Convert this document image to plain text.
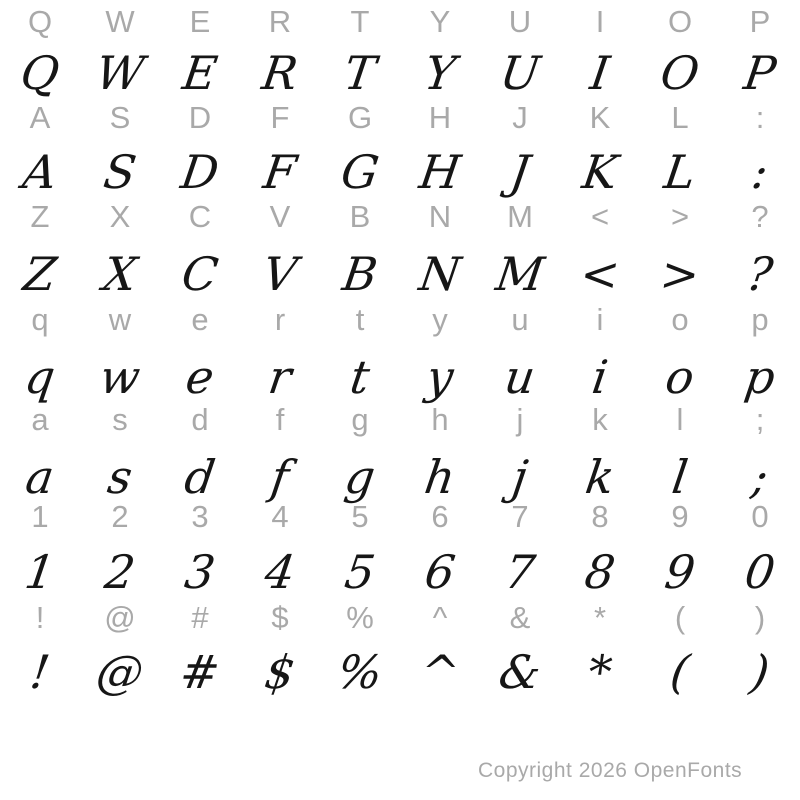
Q	W	E	R	T	Y	U	I	O	P
Q W E R T Y U I O P
A	S	D	F	G	H	J	K	L	:
A S D F G H J	K L	:
Z	X	C	V	B	N	M	<	>	?
Z X C V B N M < > ?
q	w	e	r	t	y	u	i	o	p
q w e	r	t	y u	i	o p
a	s	d	f	g	h	j	k	l	;
a	s d	f	g h	j	k	l	;
1	2	3	4	5	6	7	8	9	0
1 2 3 4 5 6 7 8 9 0
!	@	#	$	%	^	&	*	(	)
! @ # $ % ^ & *	(	)
Copyright 2026 OpenFonts
